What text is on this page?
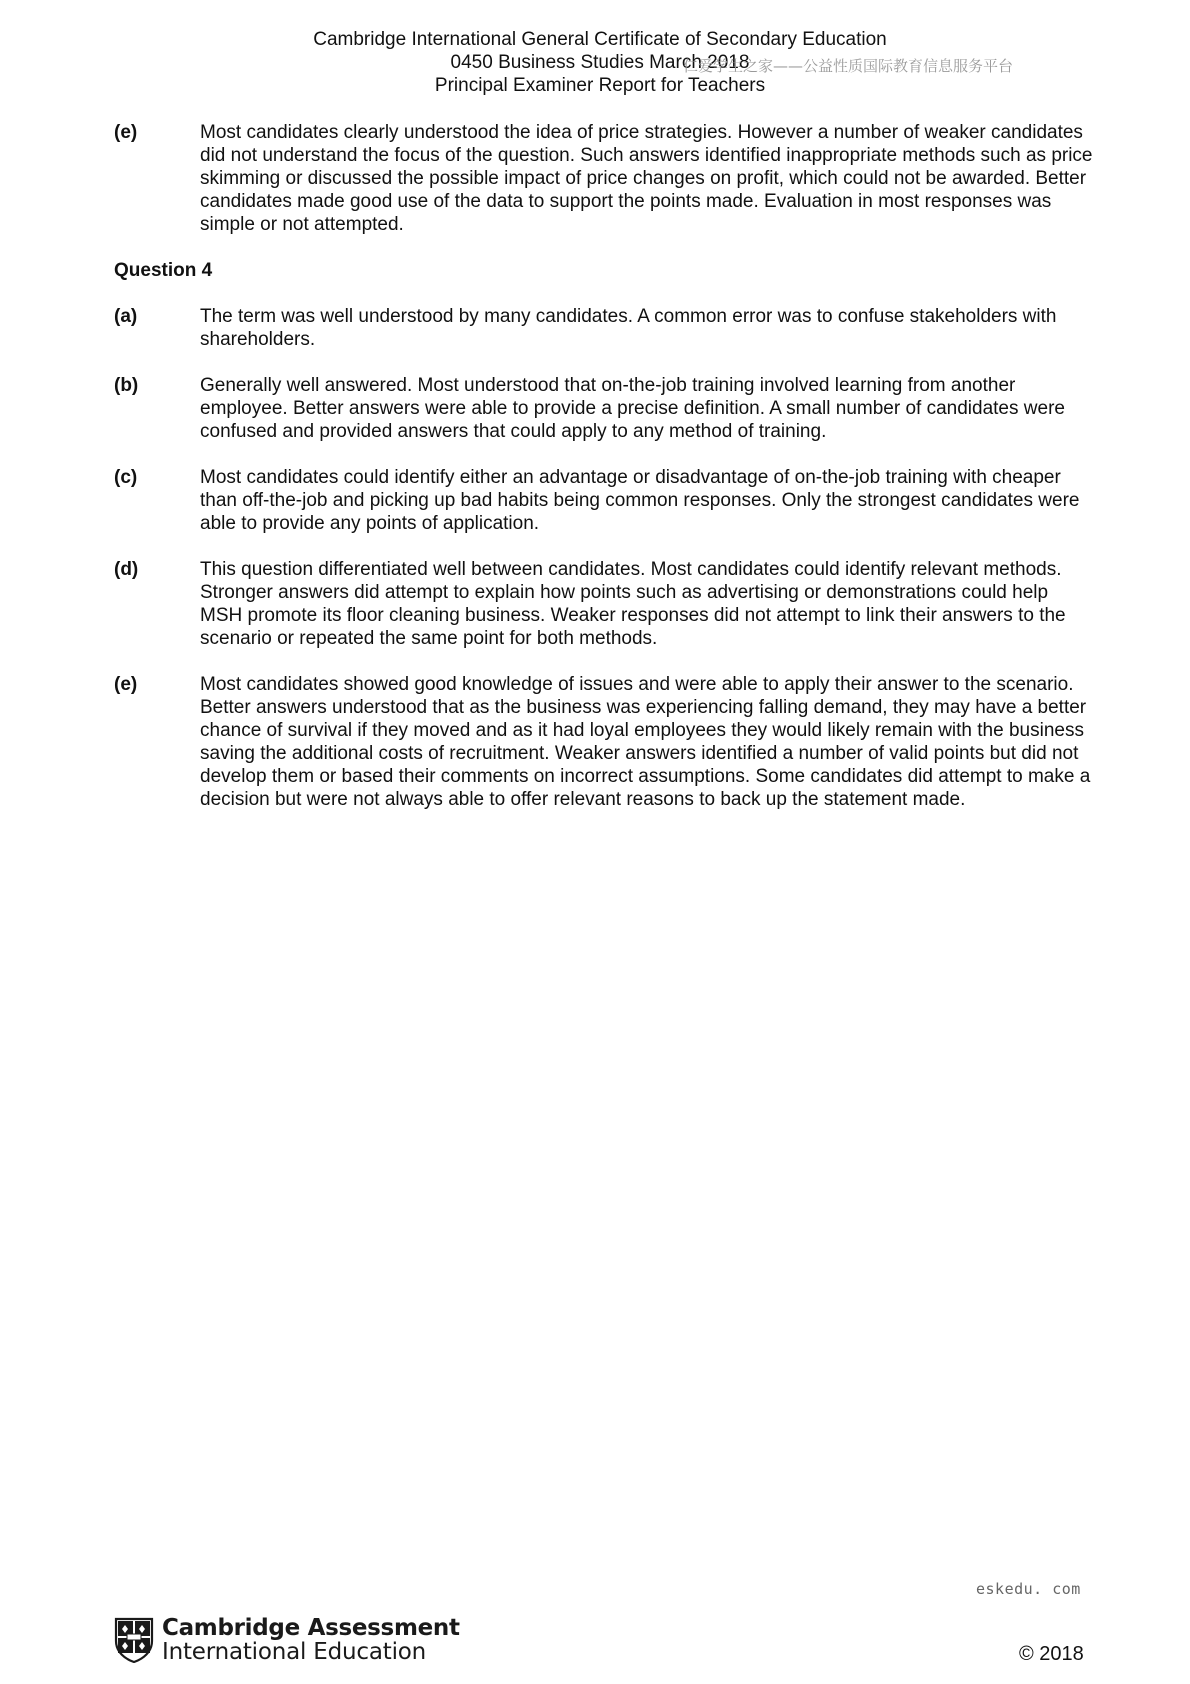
Cambridge International General Certificate of Secondary Education
0450 Business Studies March 2018
Principal Examiner Report for Teachers
仁爱学生之家——公益性质国际教育信息服务平台
(e)	Most candidates clearly understood the idea of price strategies. However a number of weaker candidates did not understand the focus of the question. Such answers identified inappropriate methods such as price skimming or discussed the possible impact of price changes on profit, which could not be awarded. Better candidates made good use of the data to support the points made. Evaluation in most responses was simple or not attempted.
Question 4
(a)	The term was well understood by many candidates. A common error was to confuse stakeholders with shareholders.
(b)	Generally well answered. Most understood that on-the-job training involved learning from another employee. Better answers were able to provide a precise definition. A small number of candidates were confused and provided answers that could apply to any method of training.
(c)	Most candidates could identify either an advantage or disadvantage of on-the-job training with cheaper than off-the-job and picking up bad habits being common responses. Only the strongest candidates were able to provide any points of application.
(d)	This question differentiated well between candidates. Most candidates could identify relevant methods. Stronger answers did attempt to explain how points such as advertising or demonstrations could help MSH promote its floor cleaning business. Weaker responses did not attempt to link their answers to the scenario or repeated the same point for both methods.
(e)	Most candidates showed good knowledge of issues and were able to apply their answer to the scenario. Better answers understood that as the business was experiencing falling demand, they may have a better chance of survival if they moved and as it had loyal employees they would likely remain with the business saving the additional costs of recruitment. Weaker answers identified a number of valid points but did not develop them or based their comments on incorrect assumptions. Some candidates did attempt to make a decision but were not always able to offer relevant reasons to back up the statement made.
eskedu. com
Cambridge Assessment
International Education	© 2018
